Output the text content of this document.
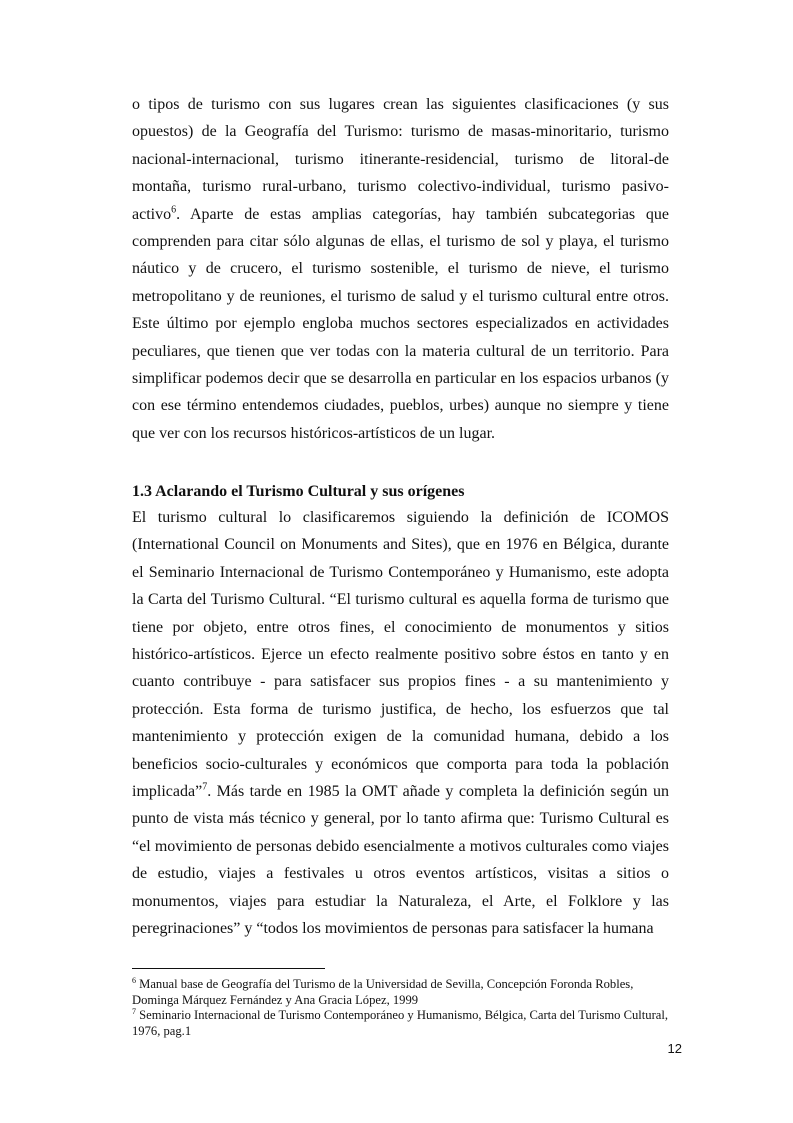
o tipos de turismo con sus lugares crean las siguientes clasificaciones (y sus opuestos) de la Geografía del Turismo: turismo de masas-minoritario, turismo nacional-internacional, turismo itinerante-residencial, turismo de litoral-de montaña, turismo rural-urbano, turismo colectivo-individual, turismo pasivo-activo$^6$. Aparte de estas amplias categorías, hay también subcategorias que comprenden para citar sólo algunas de ellas, el turismo de sol y playa, el turismo náutico y de crucero, el turismo sostenible, el turismo de nieve, el turismo metropolitano y de reuniones, el turismo de salud y el turismo cultural entre otros. Este último por ejemplo engloba muchos sectores especializados en actividades peculiares, que tienen que ver todas con la materia cultural de un territorio. Para simplificar podemos decir que se desarrolla en particular en los espacios urbanos (y con ese término entendemos ciudades, pueblos, urbes) aunque no siempre y tiene que ver con los recursos históricos-artísticos de un lugar.

1.3 Aclarando el Turismo Cultural y sus orígenes

El turismo cultural lo clasificaremos siguiendo la definición de ICOMOS (International Council on Monuments and Sites), que en 1976 en Bélgica, durante el Seminario Internacional de Turismo Contemporáneo y Humanismo, este adopta la Carta del Turismo Cultural. “El turismo cultural es aquella forma de turismo que tiene por objeto, entre otros fines, el conocimiento de monumentos y sitios histórico-artísticos. Ejerce un efecto realmente positivo sobre éstos en tanto y en cuanto contribuye - para satisfacer sus propios fines - a su mantenimiento y protección. Esta forma de turismo justifica, de hecho, los esfuerzos que tal mantenimiento y protección exigen de la comunidad humana, debido a los beneficios socio-culturales y económicos que comporta para toda la población implicada”$^7$. Más tarde en 1985 la OMT añade y completa la definición según un punto de vista más técnico y general, por lo tanto afirma que: Turismo Cultural es “el movimiento de personas debido esencialmente a motivos culturales como viajes de estudio, viajes a festivales u otros eventos artísticos, visitas a sitios o monumentos, viajes para estudiar la Naturaleza, el Arte, el Folklore y las peregrinaciones” y “todos los movimientos de personas para satisfacer la humana

$^6$ Manual base de Geografía del Turismo de la Universidad de Sevilla, Concepción Foronda Robles, Dominga Márquez Fernández y Ana Gracia López, 1999

$^7$ Seminario Internacional de Turismo Contemporáneo y Humanismo, Bélgica, Carta del Turismo Cultural, 1976, pag.1

12
